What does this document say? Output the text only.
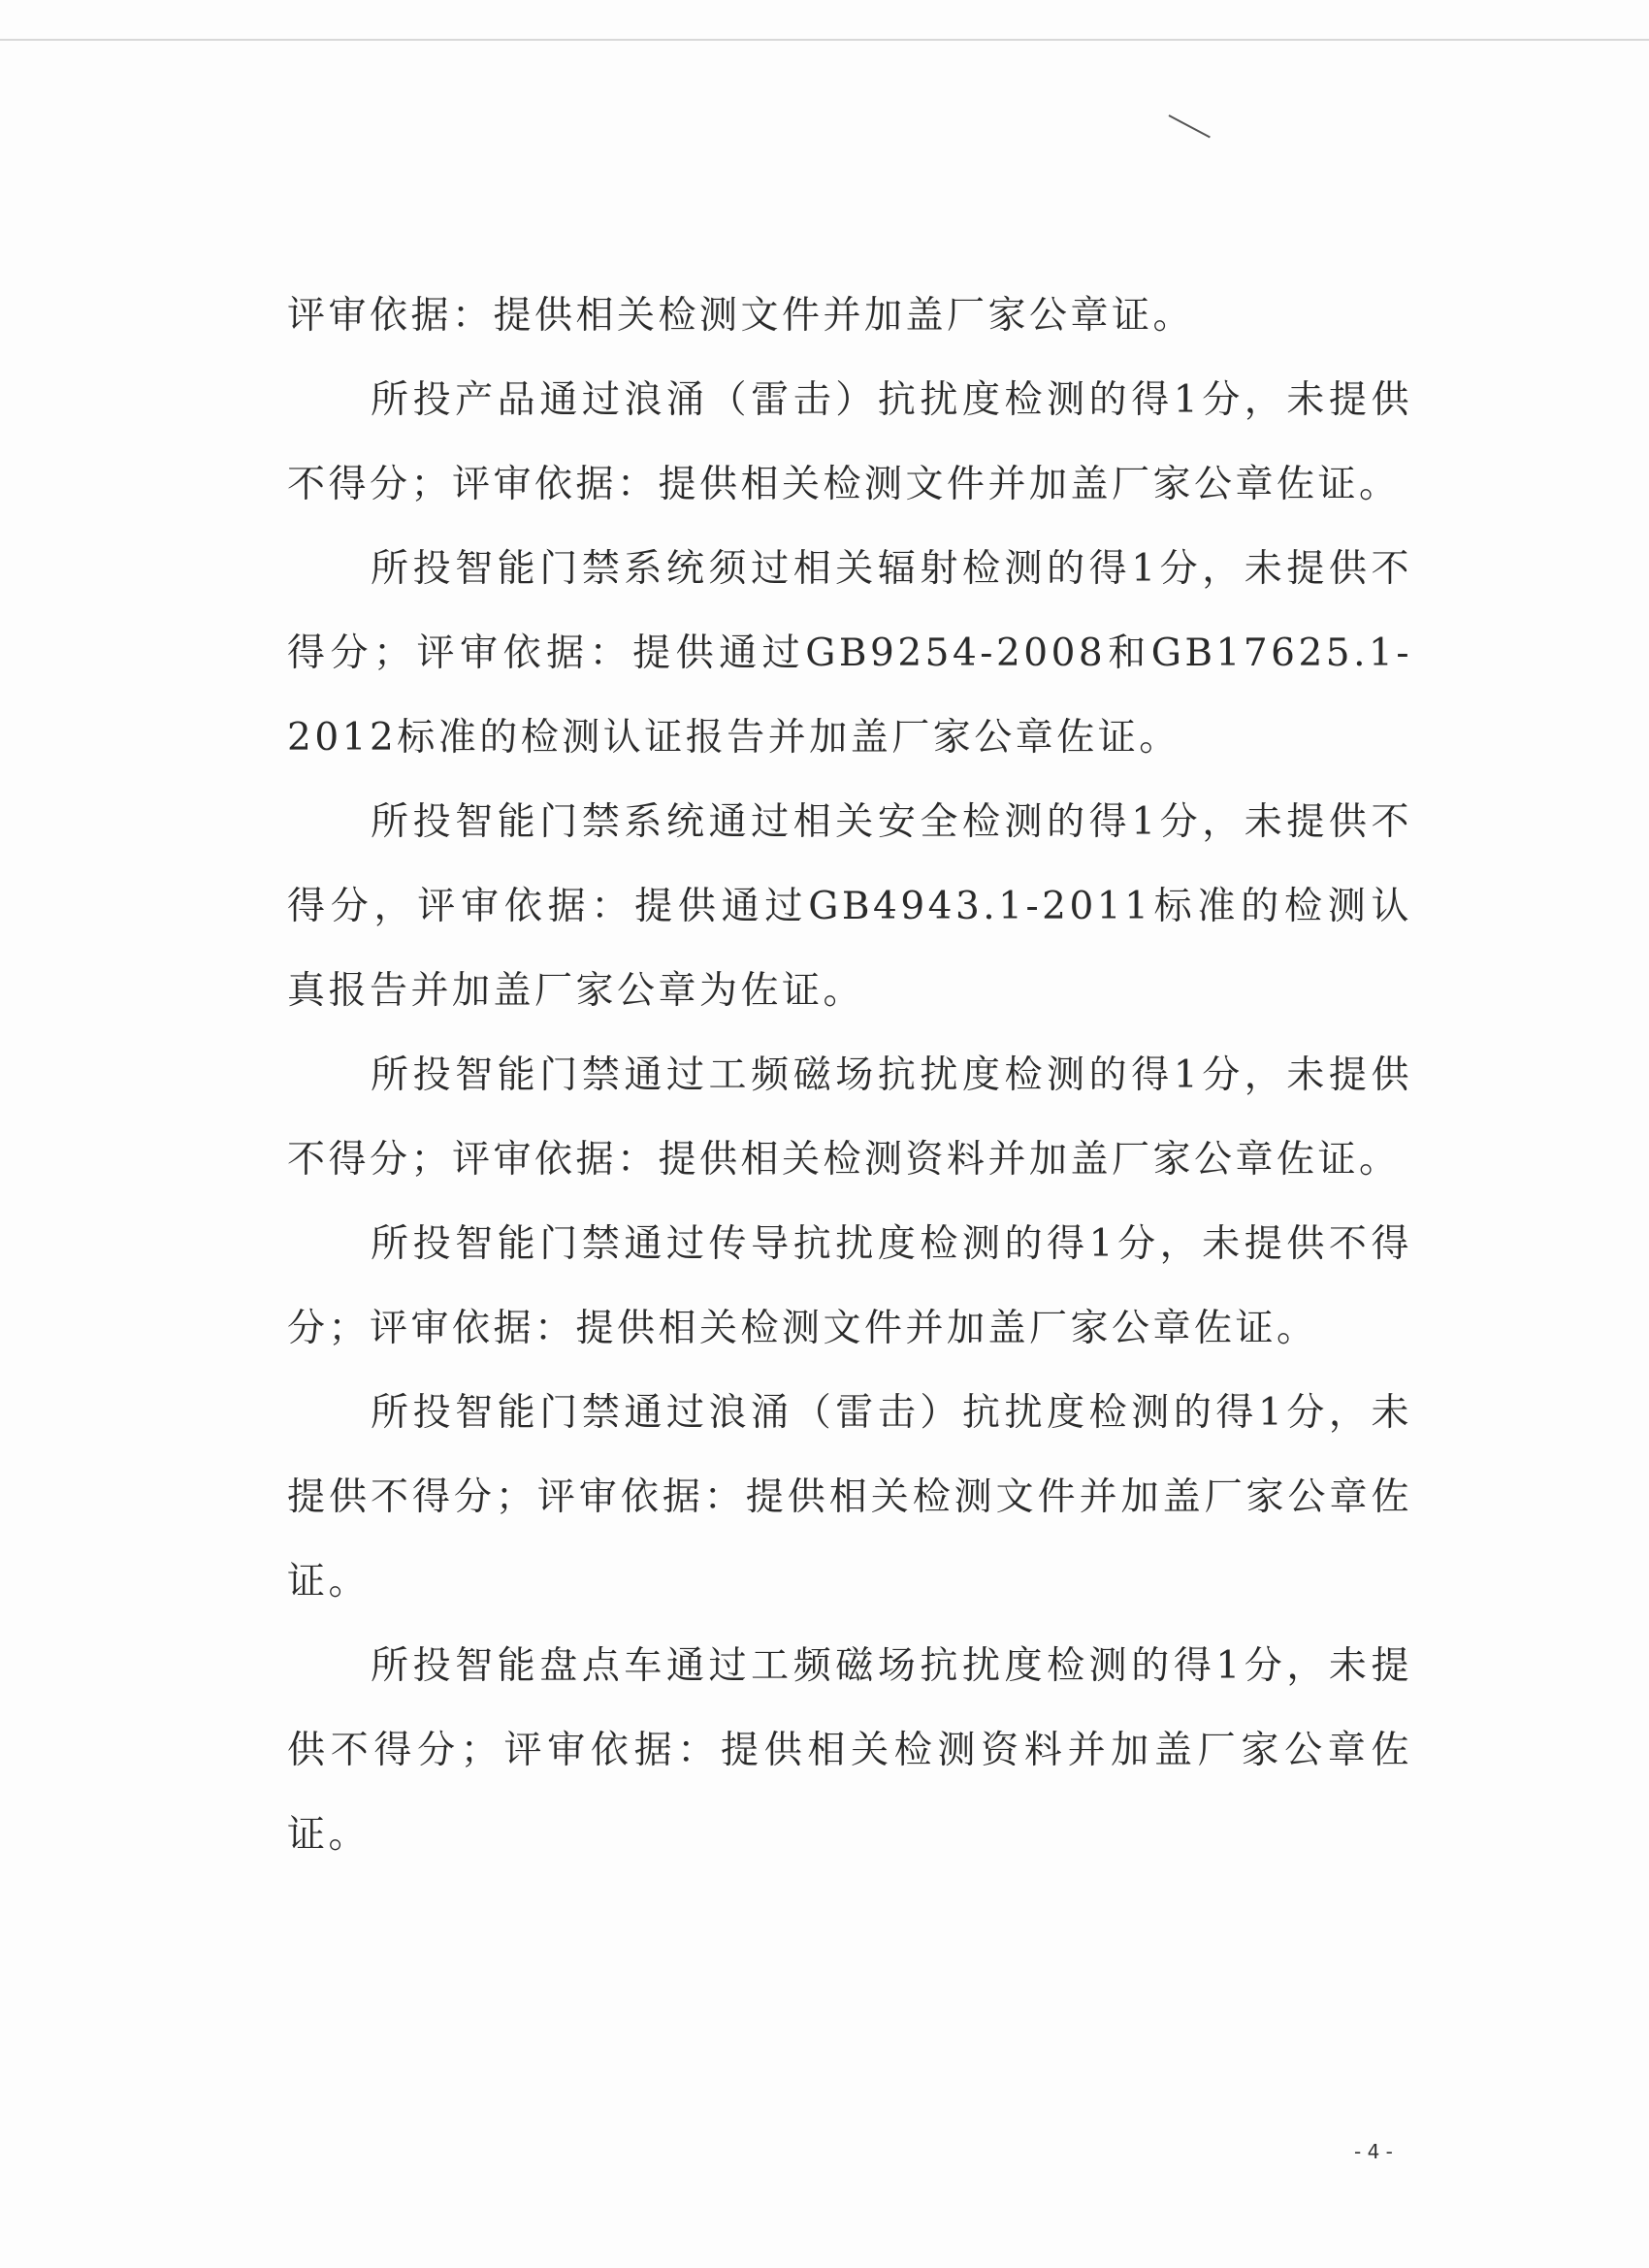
评审依据：提供相关检测文件并加盖厂家公章证。

所投产品通过浪涌（雷击）抗扰度检测的得1分，未提供不得分；评审依据：提供相关检测文件并加盖厂家公章佐证。

所投智能门禁系统须过相关辐射检测的得1分，未提供不得分；评审依据：提供通过GB9254-2008和GB17625.1-2012标准的检测认证报告并加盖厂家公章佐证。

所投智能门禁系统通过相关安全检测的得1分，未提供不得分，评审依据：提供通过GB4943.1-2011标准的检测认真报告并加盖厂家公章为佐证。

所投智能门禁通过工频磁场抗扰度检测的得1分，未提供不得分；评审依据：提供相关检测资料并加盖厂家公章佐证。

所投智能门禁通过传导抗扰度检测的得1分，未提供不得分；评审依据：提供相关检测文件并加盖厂家公章佐证。

所投智能门禁通过浪涌（雷击）抗扰度检测的得1分，未提供不得分；评审依据：提供相关检测文件并加盖厂家公章佐证。

所投智能盘点车通过工频磁场抗扰度检测的得1分，未提供不得分；评审依据：提供相关检测资料并加盖厂家公章佐证。

- 4 -
